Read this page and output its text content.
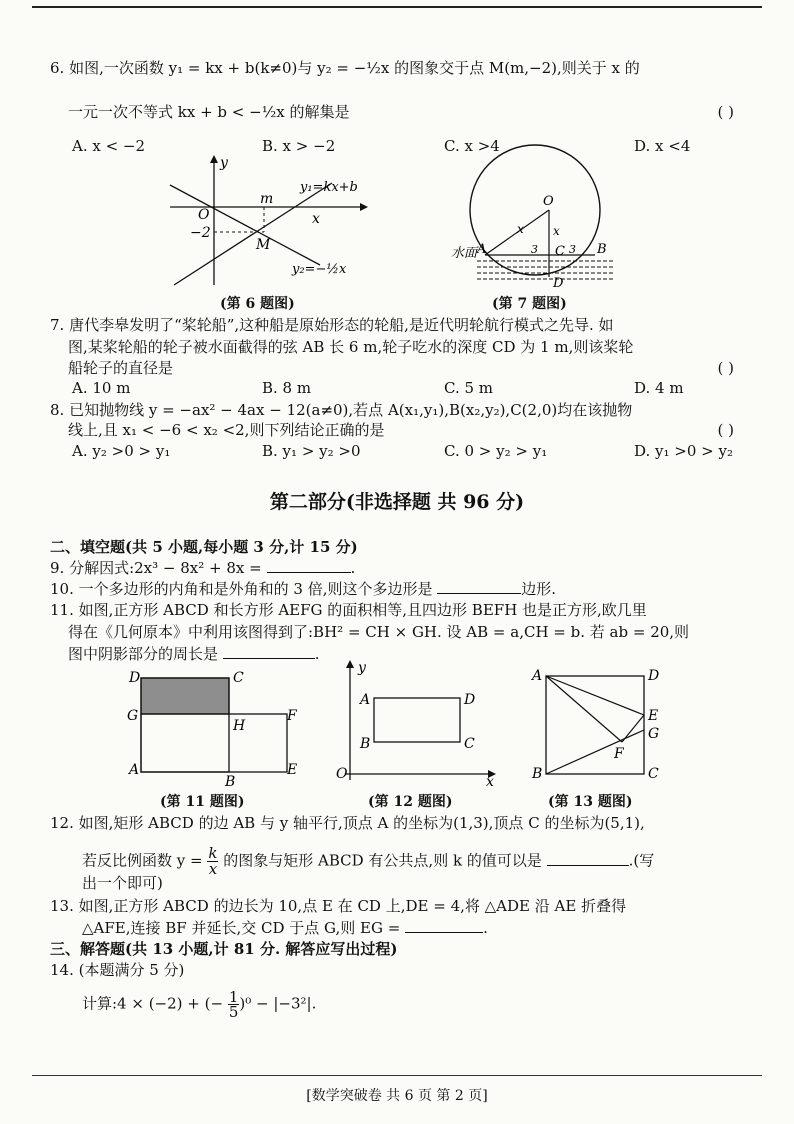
6. 如图,一次函数 y₁ = kx + b(k≠0)与 y₂ = −½x 的图象交于点 M(m,−2),则关于 x 的
一元一次不等式 kx + b < −½x 的解集是	( )
A. x < −2	B. x > −2	C. x >4	D. x <4
y
O
m
x
−2
M
y₁=kx+b
y₂=−½x
(第 6 题图)
水面 A	B
C
O
D
x x
3	3
(第 7 题图)
7. 唐代李皋发明了“桨轮船”,这种船是原始形态的轮船,是近代明轮航行模式之先导. 如
图,某桨轮船的轮子被水面截得的弦 AB 长 6 m,轮子吃水的深度 CD 为 1 m,则该桨轮
船轮子的直径是	( )
A. 10 m	B. 8 m	C. 5 m	D. 4 m
8. 已知抛物线 y = −ax² − 4ax − 12(a≠0),若点 A(x₁,y₁),B(x₂,y₂),C(2,0)均在该抛物
线上,且 x₁ < −6 < x₂ <2,则下列结论正确的是	( )
A. y₂ >0 > y₁	B. y₁ > y₂ >0	C. 0 > y₂ > y₁	D. y₁ >0 > y₂
第二部分(非选择题 共 96 分)
二、填空题(共 5 小题,每小题 3 分,计 15 分)
9. 分解因式:2x³ − 8x² + 8x =	.
10. 一个多边形的内角和是外角和的 3 倍,则这个多边形是	边形.
11. 如图,正方形 ABCD 和长方形 AEFG 的面积相等,且四边形 BEFH 也是正方形,欧几里
得在《几何原本》中利用该图得到了:BH² = CH × GH. 设 AB = a,CH = b. 若 ab = 20,则
图中阴影部分的周长是	.
D	C
G
H
F
A
B
E
(第 11 题图)
y
A	D
B	C
O	x
(第 12 题图)
A	D
E
G
F
B	C
(第 13 题图)
12. 如图,矩形 ABCD 的边 AB 与 y 轴平行,顶点 A 的坐标为(1,3),顶点 C 的坐标为(5,1),
若反比例函数 $y = \frac{k}{x}$ 的图象与矩形 ABCD 有公共点,则 k 的值可以是	.(写
出一个即可)
13. 如图,正方形 ABCD 的边长为 10,点 E 在 CD 上,DE = 4,将 △ADE 沿 AE 折叠得
△AFE,连接 BF 并延长,交 CD 于点 G,则 EG =	.
三、解答题(共 13 小题,计 81 分. 解答应写出过程)
14. (本题满分 5 分)
计算:4 × (−2) + (− $\frac{1}{5} )^0 - |-3^2|$.
[数学突破卷 共 6 页 第 2 页]
